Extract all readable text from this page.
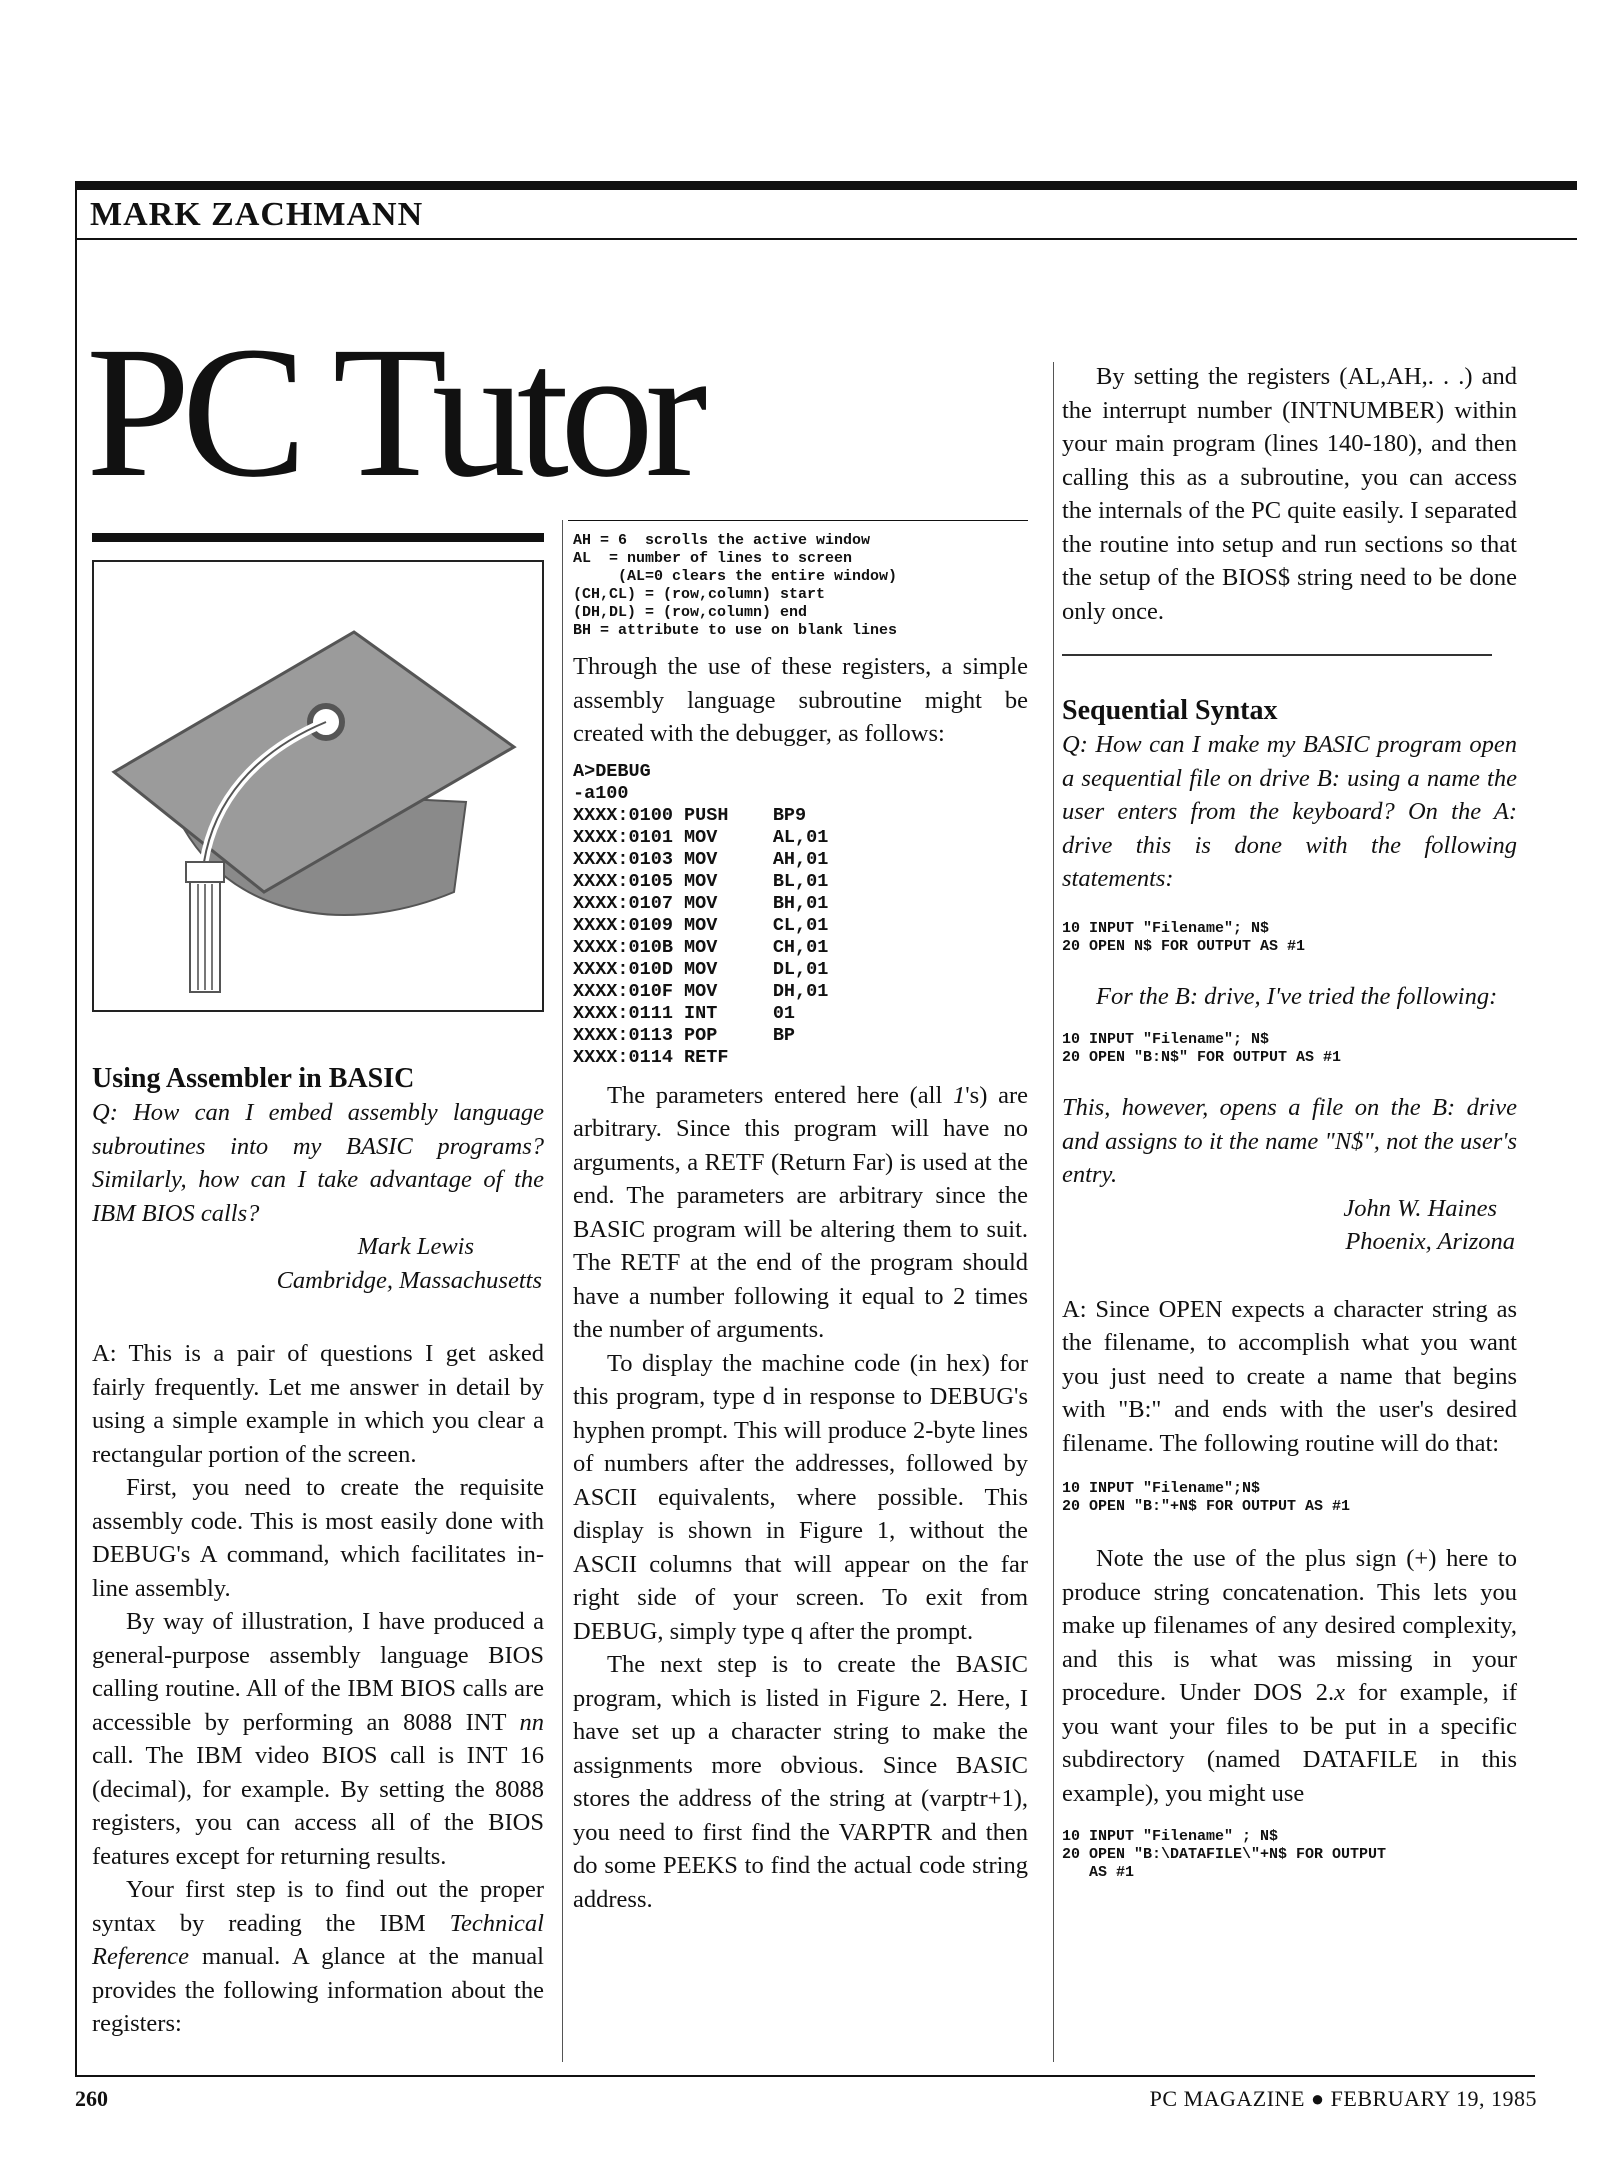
MARK ZACHMANN
PC Tutor
Using Assembler in BASIC

Q: How can I embed assembly language subroutines into my BASIC programs? Similarly, how can I take advantage of the IBM BIOS calls?

Mark Lewis

Cambridge, Massachusetts

A: This is a pair of questions I get asked fairly frequently. Let me answer in detail by using a simple example in which you clear a rectangular portion of the screen.

First, you need to create the requisite assembly code. This is most easily done with DEBUG's A command, which facilitates in-line assembly.

By way of illustration, I have produced a general-purpose assembly language BIOS calling routine. All of the IBM BIOS calls are accessible by performing an 8088 INT nn call. The IBM video BIOS call is INT 16 (decimal), for example. By setting the 8088 registers, you can access all of the BIOS features except for returning results.

Your first step is to find out the proper syntax by reading the IBM Technical Reference manual. A glance at the manual provides the following information about the registers:

AH = 6  scrolls the active window
AL  = number of lines to screen
(AL=0 clears the entire window)
(CH,CL) = (row,column) start
(DH,DL) = (row,column) end
BH = attribute to use on blank lines

Through the use of these registers, a simple assembly language subroutine might be created with the debugger, as follows:

A>DEBUG
-a100
XXXX:0100 PUSH    BP9
XXXX:0101 MOV     AL,01
XXXX:0103 MOV     AH,01
XXXX:0105 MOV     BL,01
XXXX:0107 MOV     BH,01
XXXX:0109 MOV     CL,01
XXXX:010B MOV     CH,01
XXXX:010D MOV     DL,01
XXXX:010F MOV     DH,01
XXXX:0111 INT     01
XXXX:0113 POP     BP
XXXX:0114 RETF

The parameters entered here (all 1's) are arbitrary. Since this program will have no arguments, a RETF (Return Far) is used at the end. The parameters are arbitrary since the BASIC program will be altering them to suit. The RETF at the end of the program should have a number following it equal to 2 times the number of arguments.

To display the machine code (in hex) for this program, type d in response to DEBUG's hyphen prompt. This will produce 2-byte lines of numbers after the addresses, followed by ASCII equivalents, where possible. This display is shown in Figure 1, without the ASCII columns that will appear on the far right side of your screen. To exit from DEBUG, simply type q after the prompt.

The next step is to create the BASIC program, which is listed in Figure 2. Here, I have set up a character string to make the assignments more obvious. Since BASIC stores the address of the string at (varptr+1), you need to first find the VARPTR and then do some PEEKS to find the actual code string address.

By setting the registers (AL,AH,. . .) and the interrupt number (INTNUMBER) within your main program (lines 140-180), and then calling this as a subroutine, you can access the internals of the PC quite easily. I separated the routine into setup and run sections so that the setup of the BIOS$ string need to be done only once.

Sequential Syntax

Q: How can I make my BASIC program open a sequential file on drive B: using a name the user enters from the keyboard? On the A: drive this is done with the following statements:

10 INPUT "Filename"; N$
20 OPEN N$ FOR OUTPUT AS #1

For the B: drive, I've tried the following:

10 INPUT "Filename"; N$
20 OPEN "B:N$" FOR OUTPUT AS #1

This, however, opens a file on the B: drive and assigns to it the name "N$", not the user's entry.

John W. Haines

Phoenix, Arizona

A: Since OPEN expects a character string as the filename, to accomplish what you want you just need to create a name that begins with "B:" and ends with the user's desired filename. The following routine will do that:

10 INPUT "Filename";N$
20 OPEN "B:"+N$ FOR OUTPUT AS #1

Note the use of the plus sign (+) here to produce string concatenation. This lets you make up filenames of any desired complexity, and this is what was missing in your procedure. Under DOS 2.x for example, if you want your files to be put in a specific subdirectory (named DATAFILE in this example), you might use

10 INPUT "Filename" ; N$
20 OPEN "B:\DATAFILE\"+N$ FOR OUTPUT
AS #1
260	PC MAGAZINE ● FEBRUARY 19, 1985
